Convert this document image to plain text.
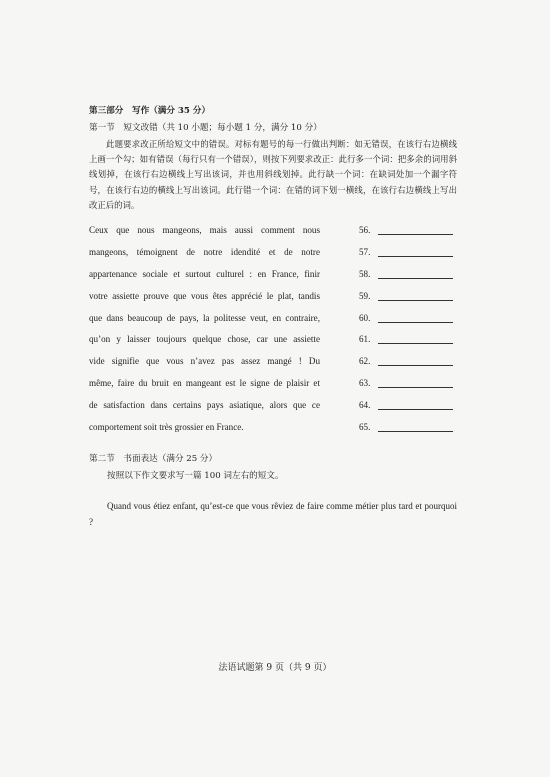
第三部分　写作（满分 35 分）
第一节　短文改错（共 10 小题；每小题 1 分，满分 10 分）
此题要求改正所给短文中的错误。对标有题号的每一行做出判断：如无错误，在该行右边横线上画一个勾；如有错误（每行只有一个错误），则按下列要求改正：此行多一个词：把多余的词用斜线划掉，在该行右边横线上写出该词，并也用斜线划掉。此行缺一个词：在缺词处加一个漏字符号，在该行右边的横线上写出该词。此行错一个词：在错的词下划一横线，在该行右边横线上写出改正后的词。
Ceux que nous mangeons, mais aussi comment nous	56.
mangeons, témoignent de notre idendité et de notre	57.
appartenance sociale et surtout culturel : en France, finir	58.
votre assiette prouve que vous êtes apprécié le plat, tandis	59.
que dans beaucoup de pays, la politesse veut, en contraire,	60.
qu’on y laisser toujours quelque chose, car une assiette	61.
vide signifie que vous n’avez pas assez mangé ! Du	62.
même, faire du bruit en mangeant est le signe de plaisir et	63.
de satisfaction dans certains pays asiatique, alors que ce	64.
comportement soit très grossier en France.	65.
第二节　书面表达（满分 25 分）
按照以下作文要求写一篇 100 词左右的短文。
Quand vous étiez enfant, qu’est-ce que vous rêviez de faire comme métier plus tard et pourquoi ?
法语试题第 9 页（共 9 页）
